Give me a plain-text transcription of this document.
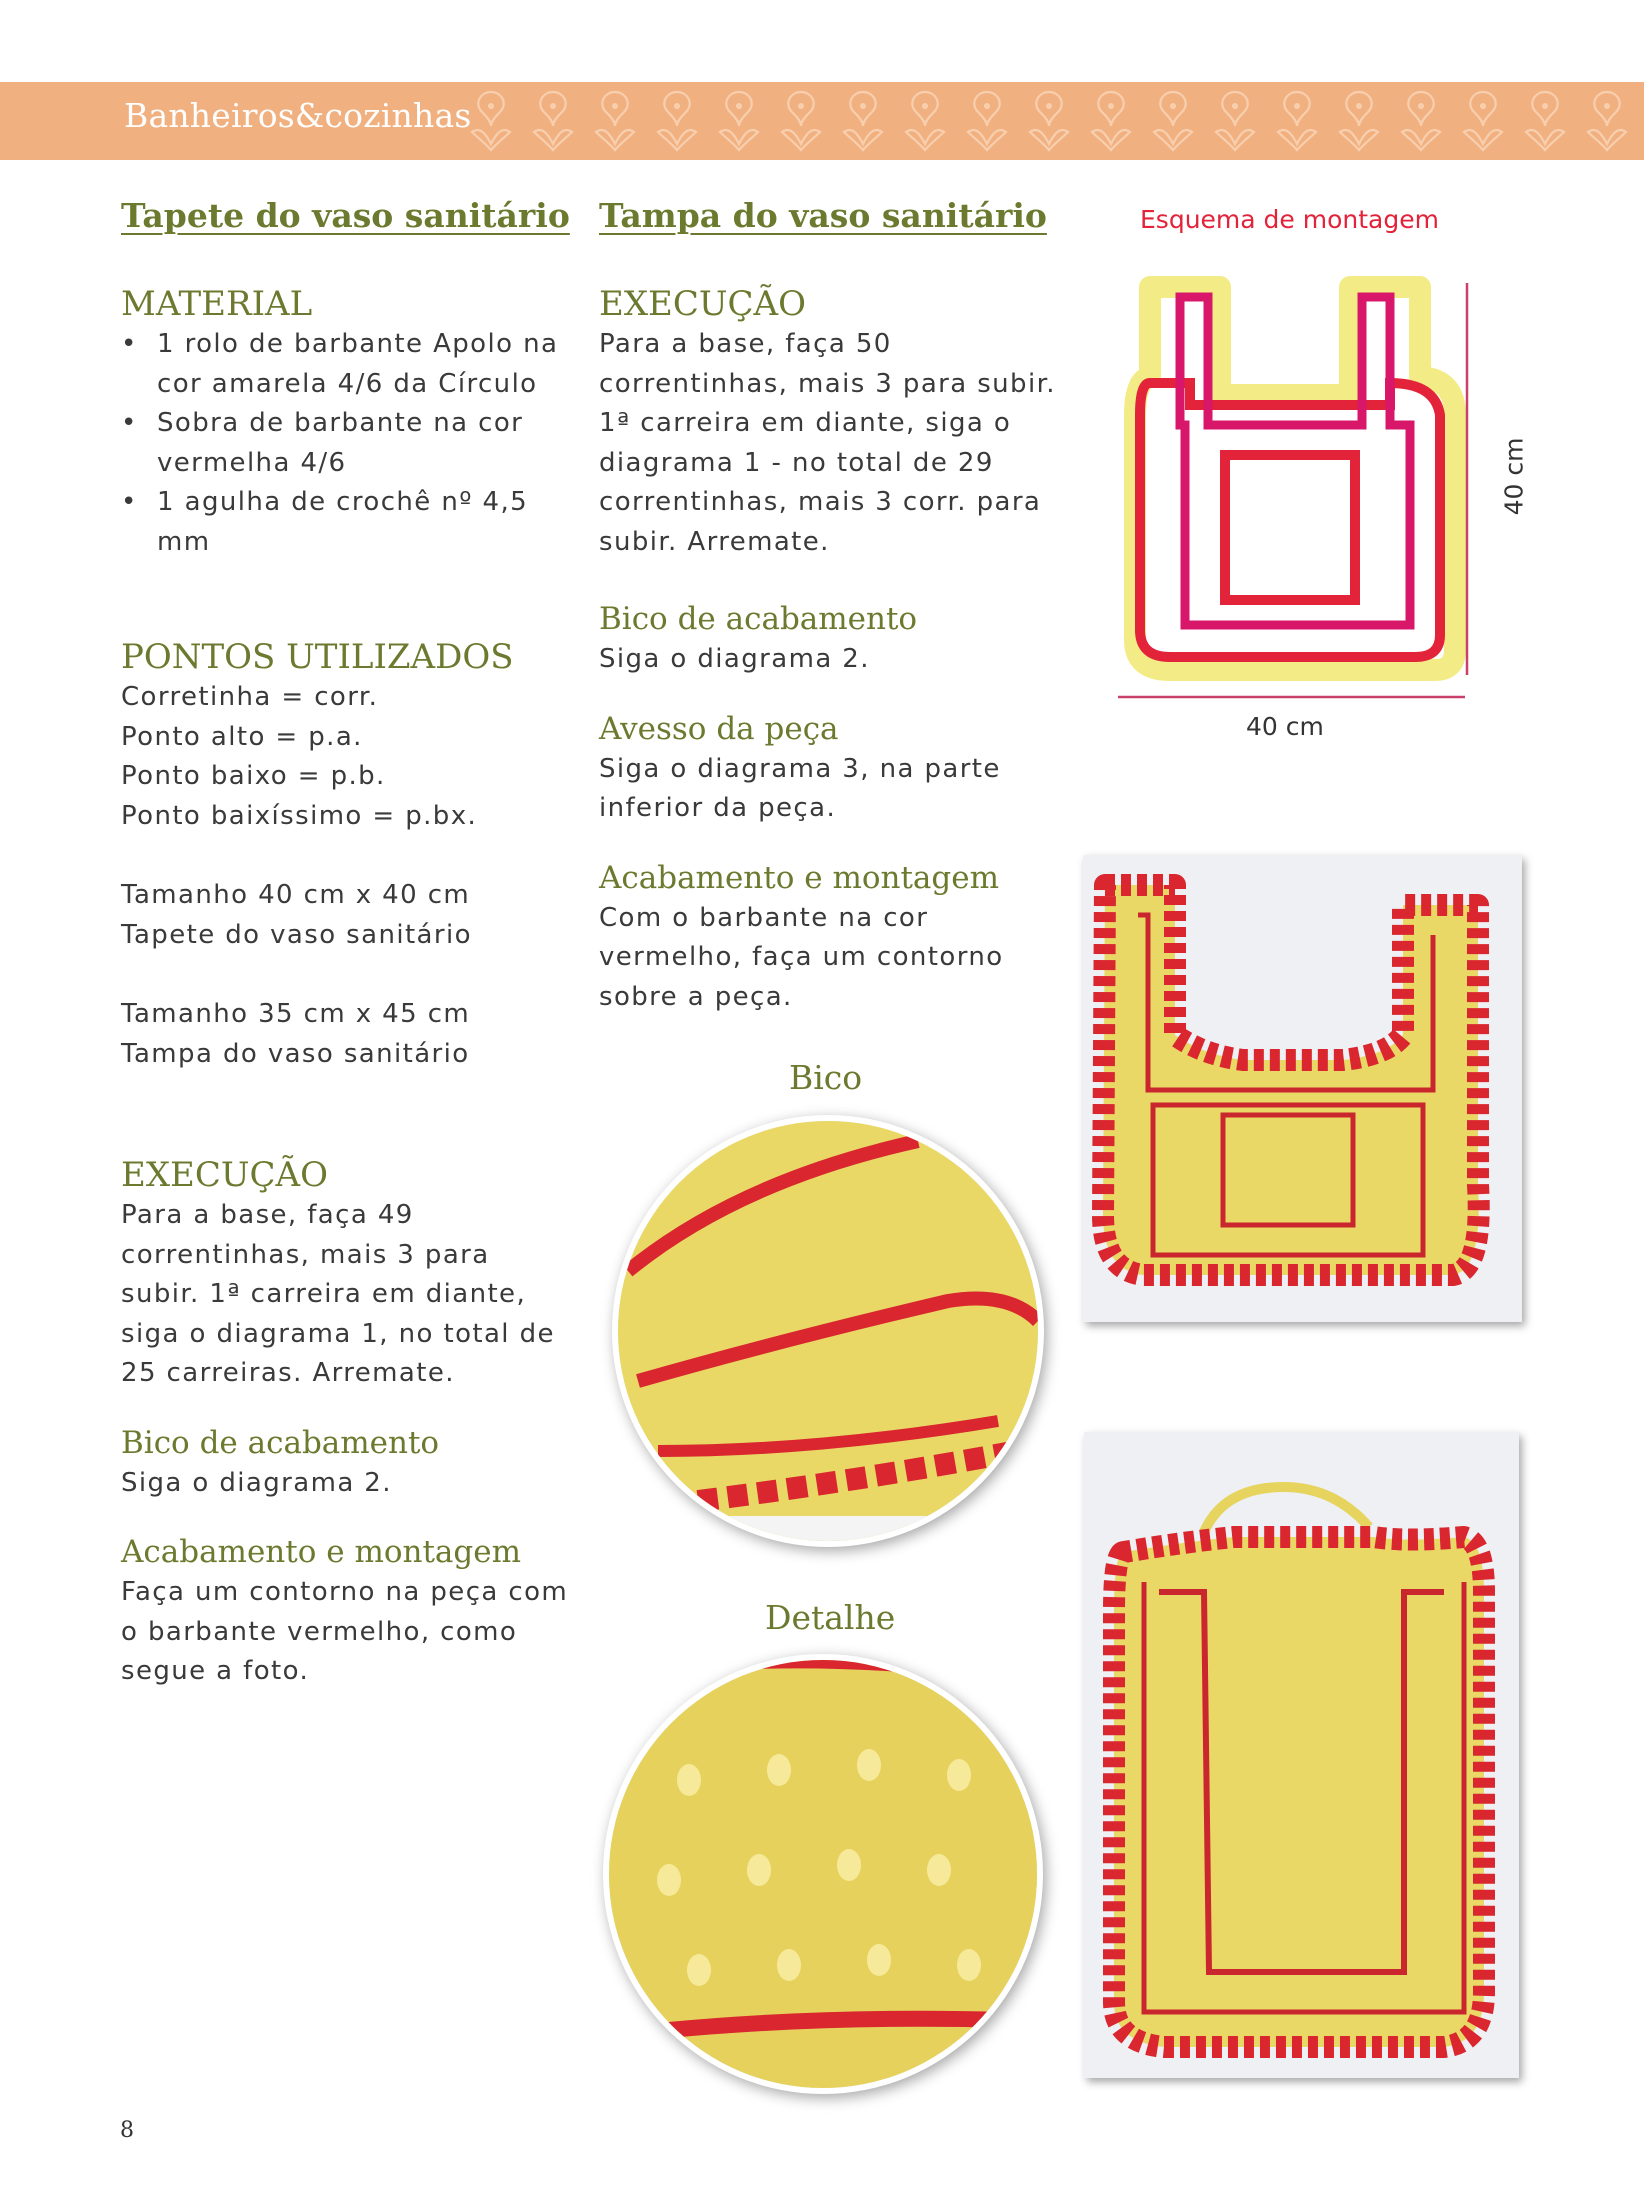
Banheiros&cozinhas
Tapete do vaso sanitário
MATERIAL
• 1 rolo de barbante Apolo na cor amarela 4/6 da Círculo
• Sobra de barbante na cor vermelha 4/6
• 1 agulha de crochê nº 4,5 mm
PONTOS UTILIZADOS

Corretinha = corr.

Ponto alto = p.a.

Ponto baixo = p.b.

Ponto baixíssimo = p.bx.

Tamanho 40 cm x 40 cm

Tapete do vaso sanitário

Tamanho 35 cm x 45 cm

Tampa do vaso sanitário

EXECUÇÃO

Para a base, faça 49 correntinhas, mais 3 para subir. 1ª carreira em diante, siga o diagrama 1, no total de 25 carreiras. Arremate.

Bico de acabamento

Siga o diagrama 2.

Acabamento e montagem

Faça um contorno na peça com o barbante vermelho, como segue a foto.

Tampa do vaso sanitário
EXECUÇÃO

Para a base, faça 50 correntinhas, mais 3 para subir. 1ª carreira em diante, siga o diagrama 1 - no total de 29 correntinhas, mais 3 corr. para subir. Arremate.

Bico de acabamento

Siga o diagrama 2.

Avesso da peça

Siga o diagrama 3, na parte inferior da peça.

Acabamento e montagem

Com o barbante na cor vermelho, faça um contorno sobre a peça.

Esquema de montagem
40 cm
40 cm
Bico
Detalhe
8
